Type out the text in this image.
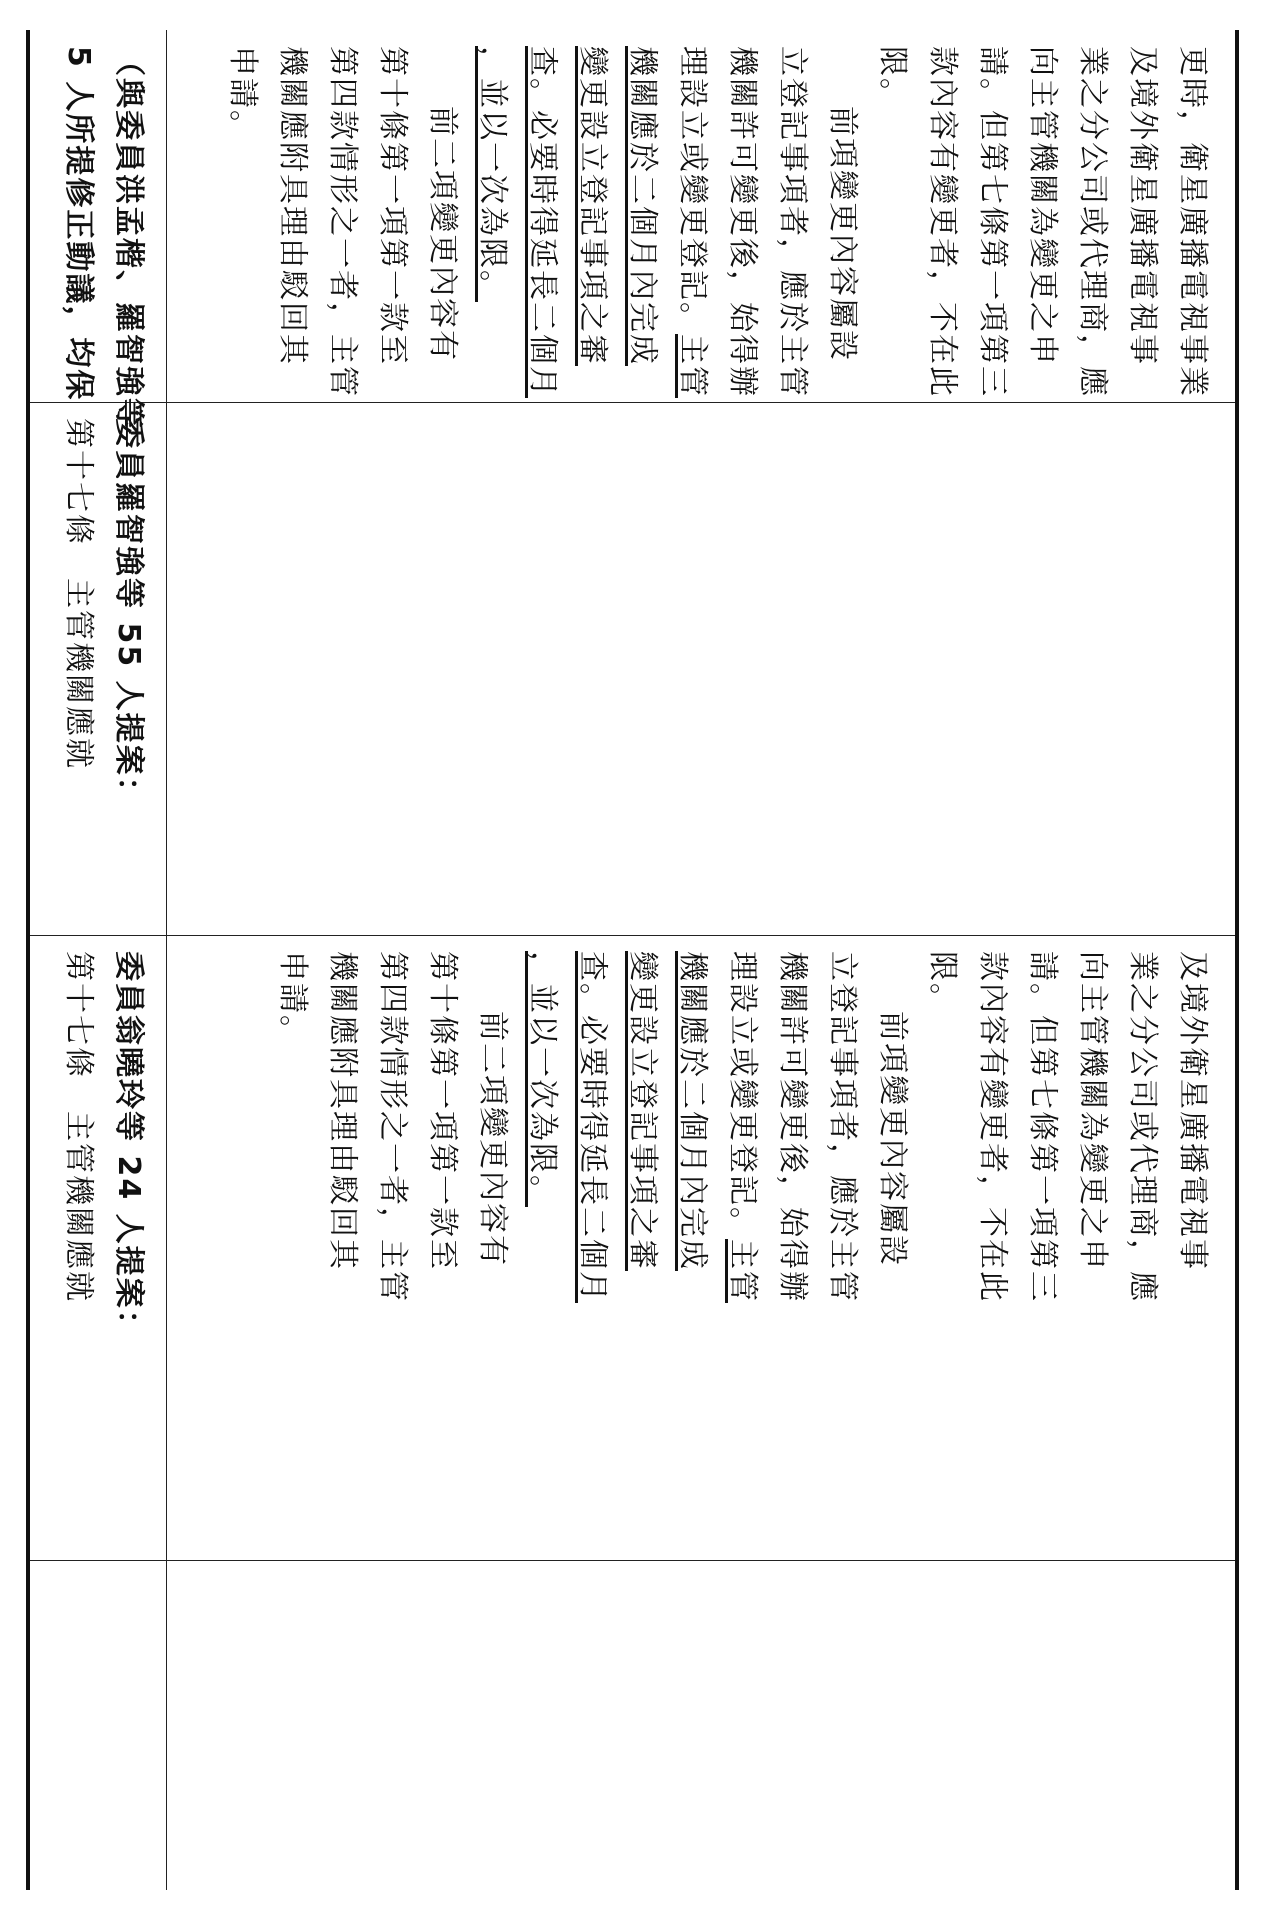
更時，衛星廣播電視事業
及境外衛星廣播電視事
業之分公司或代理商，應
向主管機關為變更之申
請。但第七條第一項第三
款內容有變更者，不在此
限。
前項變更內容屬設
立登記事項者，應於主管
機關許可變更後，始得辦
理設立或變更登記。主管
機關應於二個月內完成
變更設立登記事項之審
查。必要時得延長二個月
，並以一次為限。
前二項變更內容有
第十條第一項第一款至
第四款情形之一者，主管
機關應附具理由駁回其
申請。
（與委員洪孟楷、羅智強等
5 人所提修正動議，均保
委員羅智強等 55 人提案：
第十七條　主管機關應就
及境外衛星廣播電視事
業之分公司或代理商，應
向主管機關為變更之申
請。但第七條第一項第三
款內容有變更者，不在此
限。
前項變更內容屬設
立登記事項者，應於主管
機關許可變更後，始得辦
理設立或變更登記。主管
機關應於二個月內完成
變更設立登記事項之審
查。必要時得延長二個月
，並以一次為限。
前二項變更內容有
第十條第一項第一款至
第四款情形之一者，主管
機關應附具理由駁回其
申請。
委員翁曉玲等 24 人提案：
第十七條　主管機關應就
